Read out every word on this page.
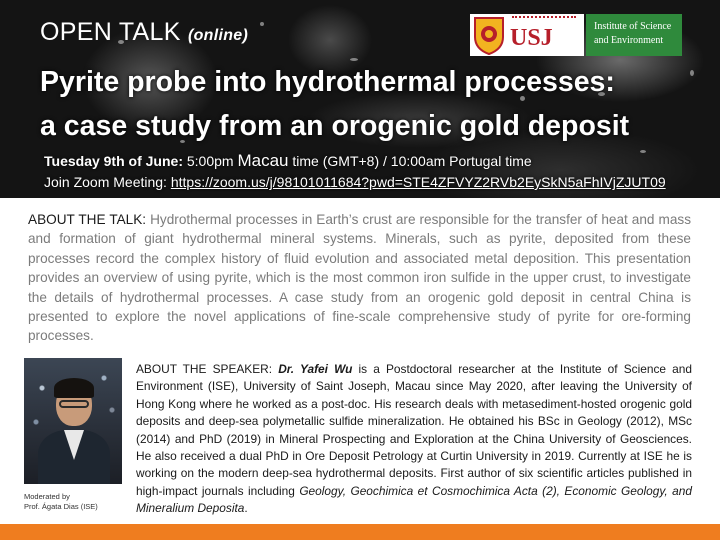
OPEN TALK (online)
Pyrite probe into hydrothermal processes:
a case study from an orogenic gold deposit
Tuesday 9th of June: 5:00pm Macau time (GMT+8) / 10:00am Portugal time
Join Zoom Meeting: https://zoom.us/j/98101011684?pwd=STE4ZFVYZ2RVb2EySkN5aFhIVjZJUT09
USJ	Institute of Science
and Environment
ABOUT THE TALK: Hydrothermal processes in Earth’s crust are responsible for the transfer of heat and mass and formation of giant hydrothermal mineral systems. Minerals, such as pyrite, deposited from these processes record the complex history of fluid evolution and associated metal deposition. This presentation provides an overview of using pyrite, which is the most common iron sulfide in the upper crust, to investigate the details of hydrothermal processes. A case study from an orogenic gold deposit in central China is presented to explore the novel applications of fine-scale comprehensive study of pyrite for ore-forming processes.
Moderated by
Prof. Ágata Dias (ISE)
ABOUT THE SPEAKER: Dr. Yafei Wu is a Postdoctoral researcher at the Institute of Science and Environment (ISE), University of Saint Joseph, Macau since May 2020, after leaving the University of Hong Kong where he worked as a post-doc. His research deals with metasediment-hosted orogenic gold deposits and deep-sea polymetallic sulfide mineralization. He obtained his BSc in Geology (2012), MSc (2014) and PhD (2019) in Mineral Prospecting and Exploration at the China University of Geosciences. He also received a dual PhD in Ore Deposit Petrology at Curtin University in 2019. Currently at ISE he is working on the modern deep-sea hydrothermal deposits. First author of six scientific articles published in high-impact journals including Geology, Geochimica et Cosmochimica Acta (2), Economic Geology, and Mineralium Deposita.
